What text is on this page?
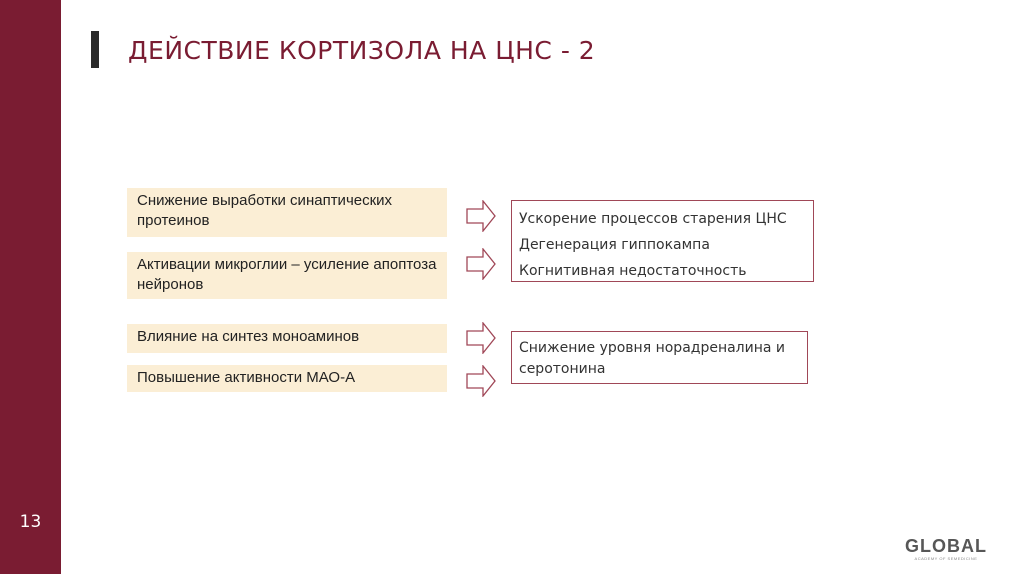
13
ДЕЙСТВИЕ КОРТИЗОЛА НА ЦНС - 2
Снижение выработки синаптических протеинов
Активации микроглии – усиление апоптоза нейронов
Ускорение процессов старения ЦНС
Дегенерация гиппокампа
Когнитивная недостаточность
Влияние на синтез моноаминов
Повышение активности МАО-А
Снижение уровня норадреналина и серотонина
GLOBAL
ACADEMY OF SEMEDICINE
